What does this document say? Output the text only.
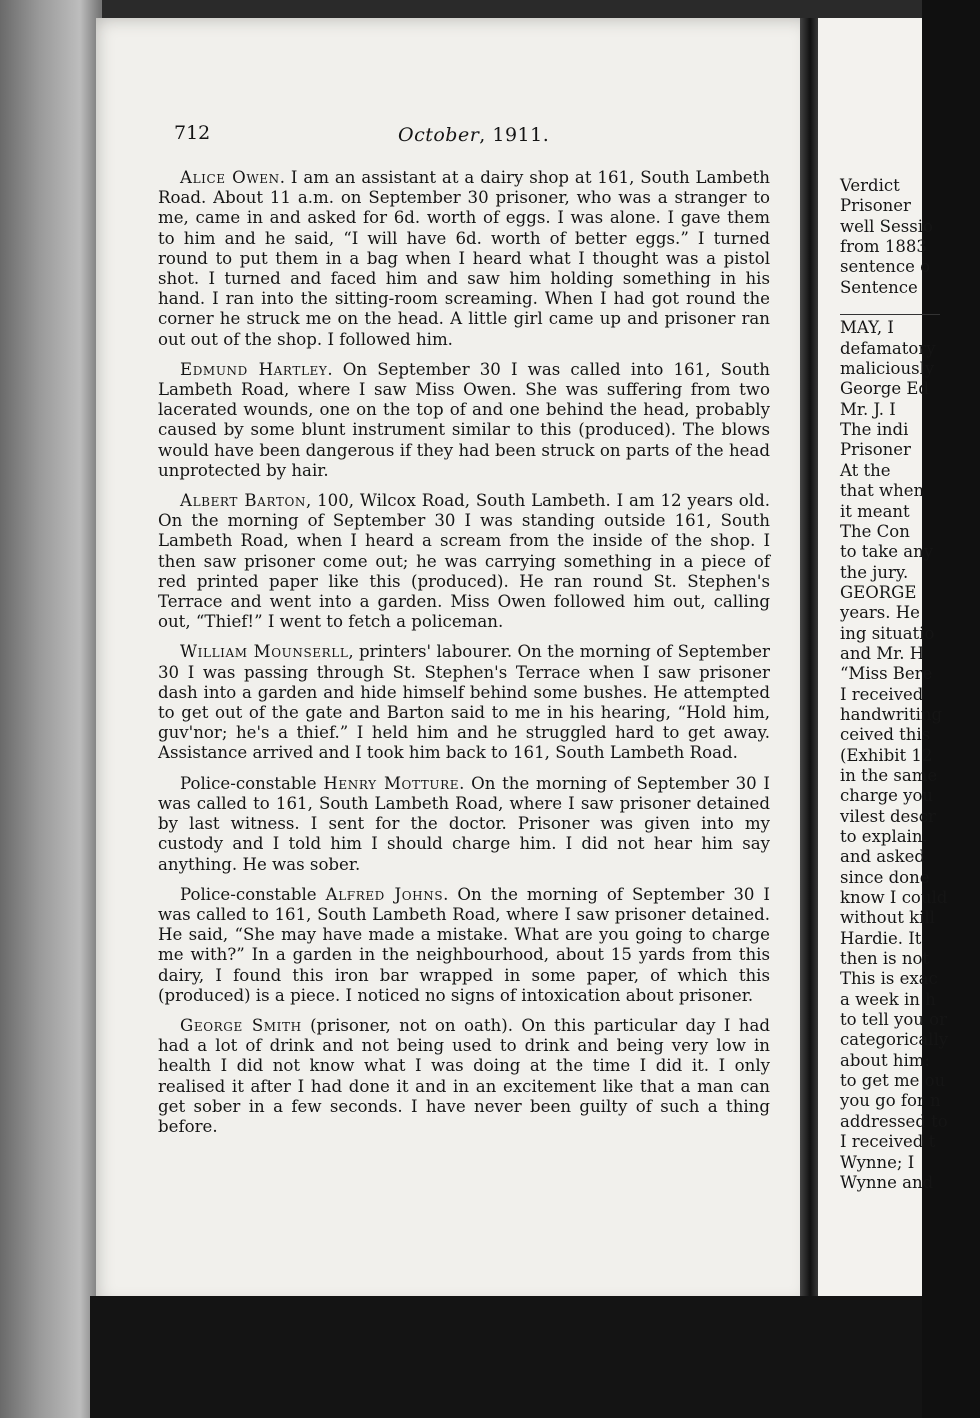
712	October, 1911.

Alice Owen. I am an assistant at a dairy shop at 161, South Lambeth Road. About 11 a.m. on September 30 prisoner, who was a stranger to me, came in and asked for 6d. worth of eggs. I was alone. I gave them to him and he said, “I will have 6d. worth of better eggs.” I turned round to put them in a bag when I heard what I thought was a pistol shot. I turned and faced him and saw him holding something in his hand. I ran into the sitting-room screaming. When I had got round the corner he struck me on the head. A little girl came up and prisoner ran out out of the shop. I followed him.

Edmund Hartley. On September 30 I was called into 161, South Lambeth Road, where I saw Miss Owen. She was suffering from two lacerated wounds, one on the top of and one behind the head, probably caused by some blunt instrument similar to this (produced). The blows would have been dangerous if they had been struck on parts of the head unprotected by hair.

Albert Barton, 100, Wilcox Road, South Lambeth. I am 12 years old. On the morning of September 30 I was standing outside 161, South Lambeth Road, when I heard a scream from the inside of the shop. I then saw prisoner come out; he was carrying something in a piece of red printed paper like this (produced). He ran round St. Stephen's Terrace and went into a garden. Miss Owen followed him out, calling out, “Thief!” I went to fetch a policeman.

William Mounserll, printers' labourer. On the morning of September 30 I was passing through St. Stephen's Terrace when I saw prisoner dash into a garden and hide himself behind some bushes. He attempted to get out of the gate and Barton said to me in his hearing, “Hold him, guv'nor; he's a thief.” I held him and he struggled hard to get away. Assistance arrived and I took him back to 161, South Lambeth Road.

Police-constable Henry Motture. On the morning of September 30 I was called to 161, South Lambeth Road, where I saw prisoner detained by last witness. I sent for the doctor. Prisoner was given into my custody and I told him I should charge him. I did not hear him say anything. He was sober.

Police-constable Alfred Johns. On the morning of September 30 I was called to 161, South Lambeth Road, where I saw prisoner detained. He said, “She may have made a mistake. What are you going to charge me with?” In a garden in the neighbourhood, about 15 yards from this dairy, I found this iron bar wrapped in some paper, of which this (produced) is a piece. I noticed no signs of intoxication about prisoner.

George Smith (prisoner, not on oath). On this particular day I had had a lot of drink and not being used to drink and being very low in health I did not know what I was doing at the time I did it. I only realised it after I had done it and in an excitement like that a man can get sober in a few seconds. I have never been guilty of such a thing before.

Verdict
Prisoner
well Sessio
from 1883
sentence o
Sentence
MAY, I
defamatory
maliciously
George Ed
Mr. J. I
The indi
Prisoner
At the
that when
it meant
The Con
to take any
the jury.
GEORGE
years. He
ing situatio
and Mr. H
“Miss Bere
I received
handwriting
ceived this
(Exhibit 12
in the same
charge you
vilest descr
to explain.
and asked
since done
know I could
without kill
Hardie. It
then is not
This is exac
a week in h
to tell you or
categorically
about him:
to get me ou
you go for n
addressed to
I received t
Wynne; I
Wynne and
